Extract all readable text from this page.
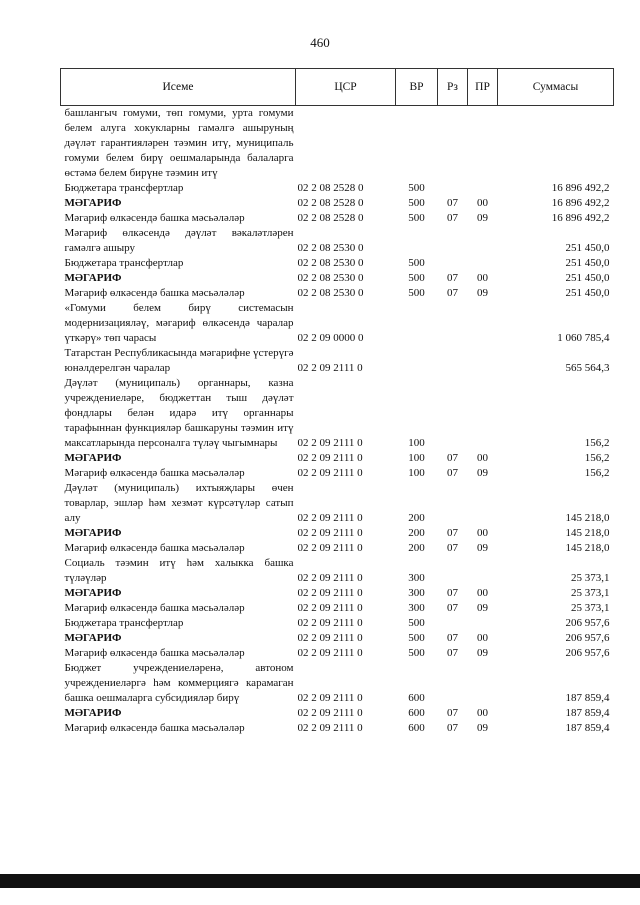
460
Исеме	ЦСР	ВР	Рз	ПР	Суммасы
башлангыч гомуми, төп гомуми, урта гомуми белем алуга хокукларны гамәлгә ашыруның дәүләт гарантияләрен тәэмин итү, муниципаль гомуми белем бирү оешмаларында балаларга өстәмә белем бирүне тәэмин итү					
Бюджетара трансфертлар	02 2 08 2528 0	500			16 896 492,2
МӘГАРИФ	02 2 08 2528 0	500	07	00	16 896 492,2
Мәгариф өлкәсендә башка мәсьәләләр	02 2 08 2528 0	500	07	09	16 896 492,2
Мәгариф өлкәсендә дәүләт вәкаләтләрен гамәлгә ашыру	02 2 08 2530 0				251 450,0
Бюджетара трансфертлар	02 2 08 2530 0	500			251 450,0
МӘГАРИФ	02 2 08 2530 0	500	07	00	251 450,0
Мәгариф өлкәсендә башка мәсьәләләр	02 2 08 2530 0	500	07	09	251 450,0
«Гомуми белем бирү системасын модернизацияләү, мәгариф өлкәсендә чаралар үткәрү» төп чарасы	02 2 09 0000 0				1 060 785,4
Татарстан Республикасында мәгарифне үстерүгә юнәлдерелгән чаралар	02 2 09 2111 0				565 564,3
Дәүләт (муниципаль) органнары, казна учреждениеләре, бюджеттан тыш дәүләт фондлары белән идарә итү органнары тарафыннан функцияләр башкаруны тәэмин итү максатларында персоналга түләү чыгымнары	02 2 09 2111 0	100			156,2
МӘГАРИФ	02 2 09 2111 0	100	07	00	156,2
Мәгариф өлкәсендә башка мәсьәләләр	02 2 09 2111 0	100	07	09	156,2
Дәүләт (муниципаль) ихтыяҗлары өчен товарлар, эшләр һәм хезмәт күрсәтүләр сатып алу	02 2 09 2111 0	200			145 218,0
МӘГАРИФ	02 2 09 2111 0	200	07	00	145 218,0
Мәгариф өлкәсендә башка мәсьәләләр	02 2 09 2111 0	200	07	09	145 218,0
Социаль тәэмин итү һәм халыкка башка түләүләр	02 2 09 2111 0	300			25 373,1
МӘГАРИФ	02 2 09 2111 0	300	07	00	25 373,1
Мәгариф өлкәсендә башка мәсьәләләр	02 2 09 2111 0	300	07	09	25 373,1
Бюджетара трансфертлар	02 2 09 2111 0	500			206 957,6
МӘГАРИФ	02 2 09 2111 0	500	07	00	206 957,6
Мәгариф өлкәсендә башка мәсьәләләр	02 2 09 2111 0	500	07	09	206 957,6
Бюджет учреждениеләренә, автоном учреждениеләргә һәм коммерциягә карамаган башка оешмаларга субсидияләр бирү	02 2 09 2111 0	600			187 859,4
МӘГАРИФ	02 2 09 2111 0	600	07	00	187 859,4
Мәгариф өлкәсендә башка мәсьәләләр	02 2 09 2111 0	600	07	09	187 859,4
